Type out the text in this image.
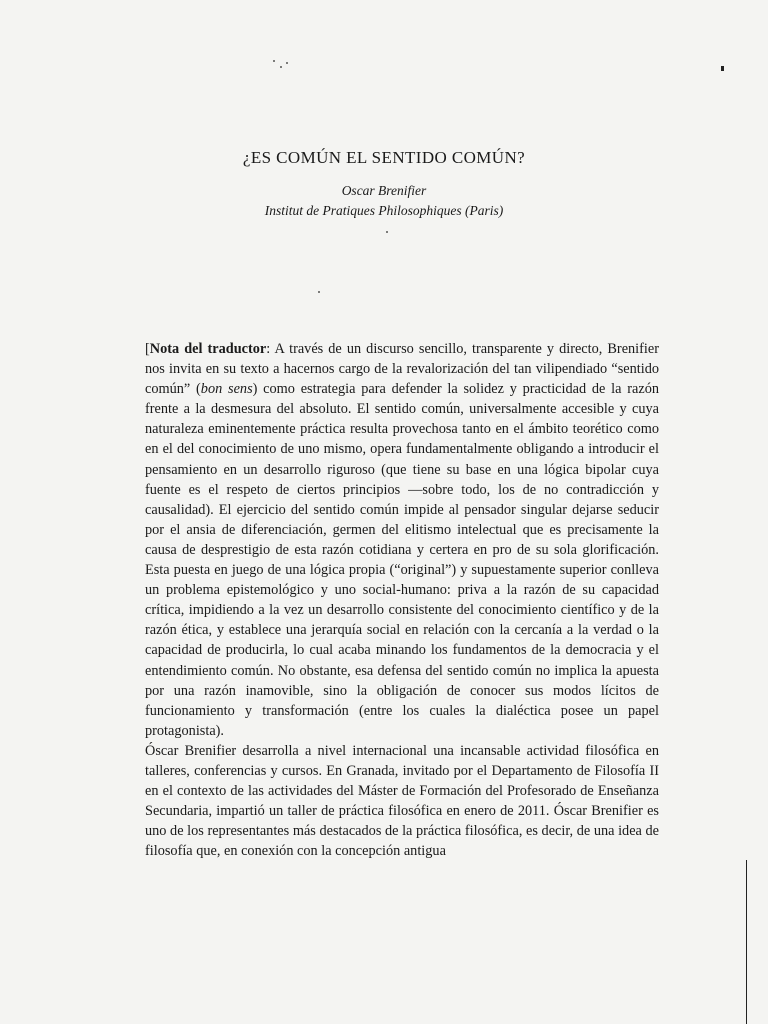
¿ES COMÚN EL SENTIDO COMÚN?
Oscar Brenifier
Institut de Pratiques Philosophiques (Paris)

[Nota del traductor: A través de un discurso sencillo, transparente y directo, Brenifier nos invita en su texto a hacernos cargo de la revalorización del tan vilipendiado “sentido común” (bon sens) como estrategia para defender la solidez y practicidad de la razón frente a la desmesura del absoluto. El sentido común, universalmente accesible y cuya naturaleza eminentemente práctica resulta provechosa tanto en el ámbito teorético como en el del conocimiento de uno mismo, opera fundamentalmente obligando a introducir el pensamiento en un desarrollo riguroso (que tiene su base en una lógica bipolar cuya fuente es el respeto de ciertos principios —sobre todo, los de no contradicción y causalidad). El ejercicio del sentido común impide al pensador singular dejarse seducir por el ansia de diferenciación, germen del elitismo intelectual que es precisamente la causa de desprestigio de esta razón cotidiana y certera en pro de su sola glorificación. Esta puesta en juego de una lógica propia (“original”) y supuestamente superior conlleva un problema epistemológico y uno social-humano: priva a la razón de su capacidad crítica, impidiendo a la vez un desarrollo consistente del conocimiento científico y de la razón ética, y establece una jerarquía social en relación con la cercanía a la verdad o la capacidad de producirla, lo cual acaba minando los fundamentos de la democracia y el entendimiento común. No obstante, esa defensa del sentido común no implica la apuesta por una razón inamovible, sino la obligación de conocer sus modos lícitos de funcionamiento y transformación (entre los cuales la dialéctica posee un papel protagonista).

Óscar Brenifier desarrolla a nivel internacional una incansable actividad filosófica en talleres, conferencias y cursos. En Granada, invitado por el Departamento de Filosofía II en el contexto de las actividades del Máster de Formación del Profesorado de Enseñanza Secundaria, impartió un taller de práctica filosófica en enero de 2011. Óscar Brenifier es uno de los representantes más destacados de la práctica filosófica, es decir, de una idea de filosofía que, en conexión con la concepción antigua
